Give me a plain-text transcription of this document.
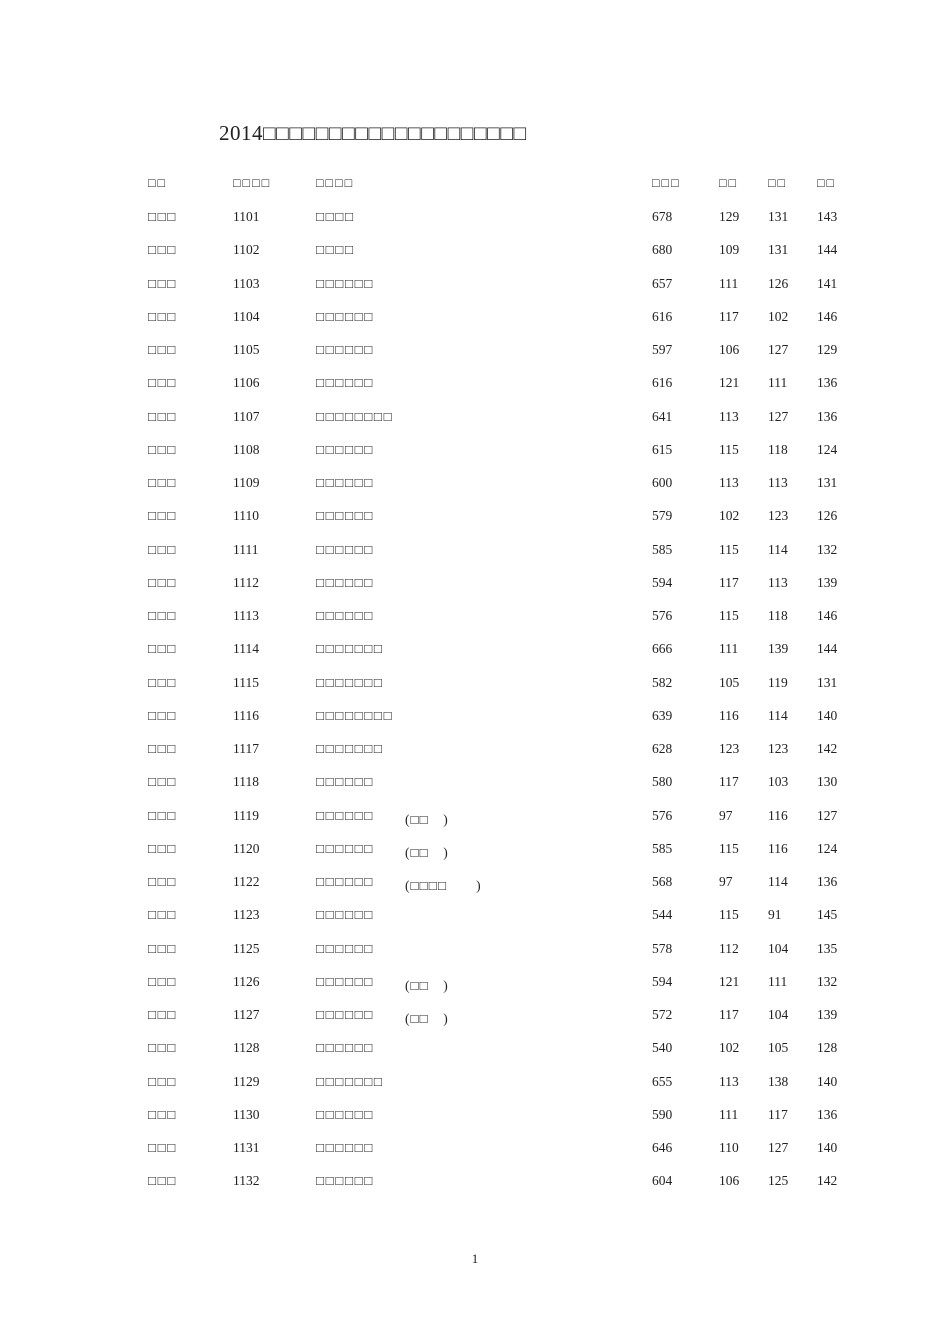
2014□□□□□□□□□□□□□□□□□□□□
□□	□□□□	□□□□	□□□	□□ □□ □□
□□□	1101	□□□□	678	129 131 143
□□□	1102	□□□□	680	109 131 144
□□□	1103	□□□□□□	657	111 126 141
□□□	1104	□□□□□□	616	117 102 146
□□□	1105	□□□□□□	597	106 127 129
□□□	1106	□□□□□□	616	121 111 136
□□□	1107	□□□□□□□□	641	113 127 136
□□□	1108	□□□□□□	615	115 118 124
□□□	1109	□□□□□□	600	113 113 131
□□□	1110	□□□□□□	579	102 123 126
□□□	1111	□□□□□□	585	115 114 132
□□□	1112	□□□□□□	594	117 113 139
□□□	1113	□□□□□□	576	115 118 146
□□□	1114	□□□□□□□	666	111 139 144
□□□	1115	□□□□□□□	582	105 119 131
□□□	1116	□□□□□□□□	639	116 114 140
□□□	1117	□□□□□□□	628	123 123 142
□□□	1118	□□□□□□	580	117 103 130
□□□	1119	□□□□□□ (□□　)	576	97	116 127
□□□	1120	□□□□□□ (□□　)	585	115 116 124
□□□	1122	□□□□□□ (□□□□　　)	568	97	114 136
□□□	1123	□□□□□□	544	115 91	145
□□□	1125	□□□□□□	578	112 104 135
□□□	1126	□□□□□□ (□□　)	594	121 111 132
□□□	1127	□□□□□□ (□□　)	572	117 104 139
□□□	1128	□□□□□□	540	102 105 128
□□□	1129	□□□□□□□	655	113 138 140
□□□	1130	□□□□□□	590	111 117 136
□□□	1131	□□□□□□	646	110 127 140
□□□	1132	□□□□□□	604	106 125 142
1
